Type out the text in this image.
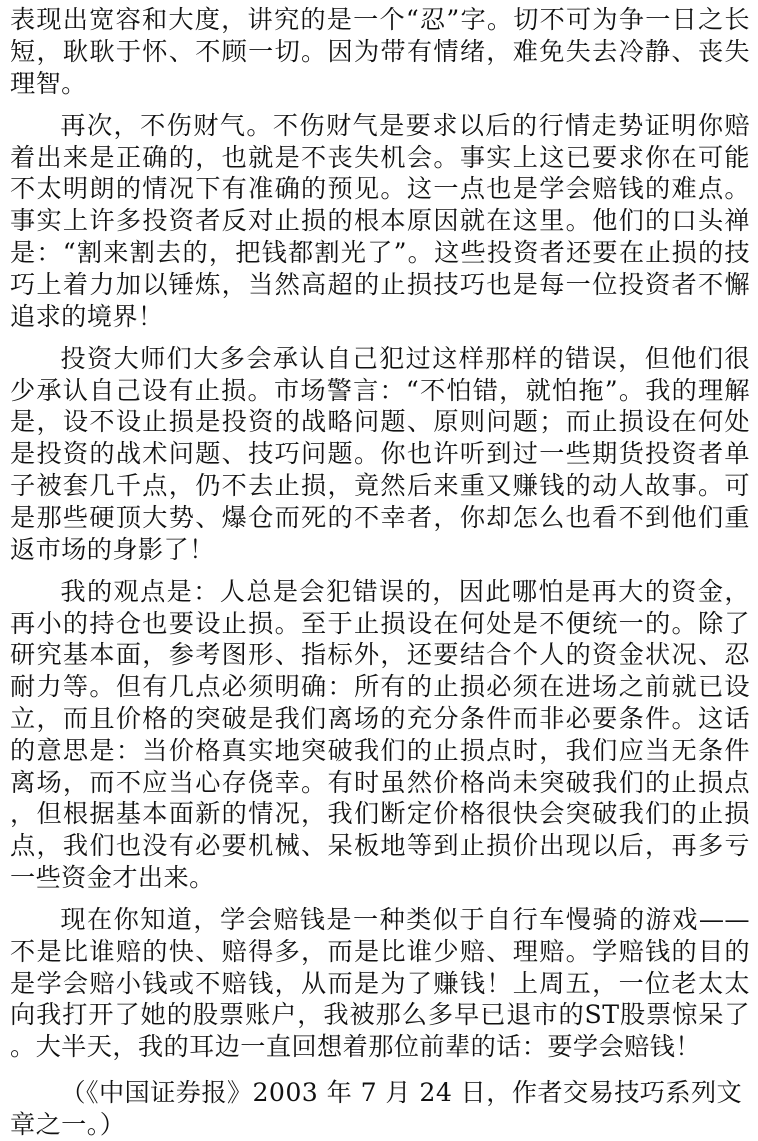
表现出宽容和大度，讲究的是一个“忍”字。切不可为争一日之长短，耿耿于怀、不顾一切。因为带有情绪，难免失去冷静、丧失理智。

再次，不伤财气。不伤财气是要求以后的行情走势证明你赔着出来是正确的，也就是不丧失机会。事实上这已要求你在可能不太明朗的情况下有准确的预见。这一点也是学会赔钱的难点。事实上许多投资者反对止损的根本原因就在这里。他们的口头禅是：“割来割去的，把钱都割光了”。这些投资者还要在止损的技巧上着力加以锤炼，当然高超的止损技巧也是每一位投资者不懈追求的境界！

投资大师们大多会承认自己犯过这样那样的错误，但他们很少承认自己设有止损。市场警言：“不怕错，就怕拖”。我的理解是，设不设止损是投资的战略问题、原则问题；而止损设在何处是投资的战术问题、技巧问题。你也许听到过一些期货投资者单子被套几千点，仍不去止损，竟然后来重又赚钱的动人故事。可是那些硬顶大势、爆仓而死的不幸者，你却怎么也看不到他们重返市场的身影了！

我的观点是：人总是会犯错误的，因此哪怕是再大的资金，再小的持仓也要设止损。至于止损设在何处是不便统一的。除了研究基本面，参考图形、指标外，还要结合个人的资金状况、忍耐力等。但有几点必须明确：所有的止损必须在进场之前就已设立，而且价格的突破是我们离场的充分条件而非必要条件。这话的意思是：当价格真实地突破我们的止损点时，我们应当无条件离场，而不应当心存侥幸。有时虽然价格尚未突破我们的止损点，但根据基本面新的情况，我们断定价格很快会突破我们的止损点，我们也没有必要机械、呆板地等到止损价出现以后，再多亏一些资金才出来。

现在你知道，学会赔钱是一种类似于自行车慢骑的游戏——不是比谁赔的快、赔得多，而是比谁少赔、理赔。学赔钱的目的是学会赔小钱或不赔钱，从而是为了赚钱！上周五，一位老太太向我打开了她的股票账户，我被那么多早已退市的ST股票惊呆了。大半天，我的耳边一直回想着那位前辈的话：要学会赔钱！

（《中国证券报》2003 年 7 月 24 日，作者交易技巧系列文章之一。）
